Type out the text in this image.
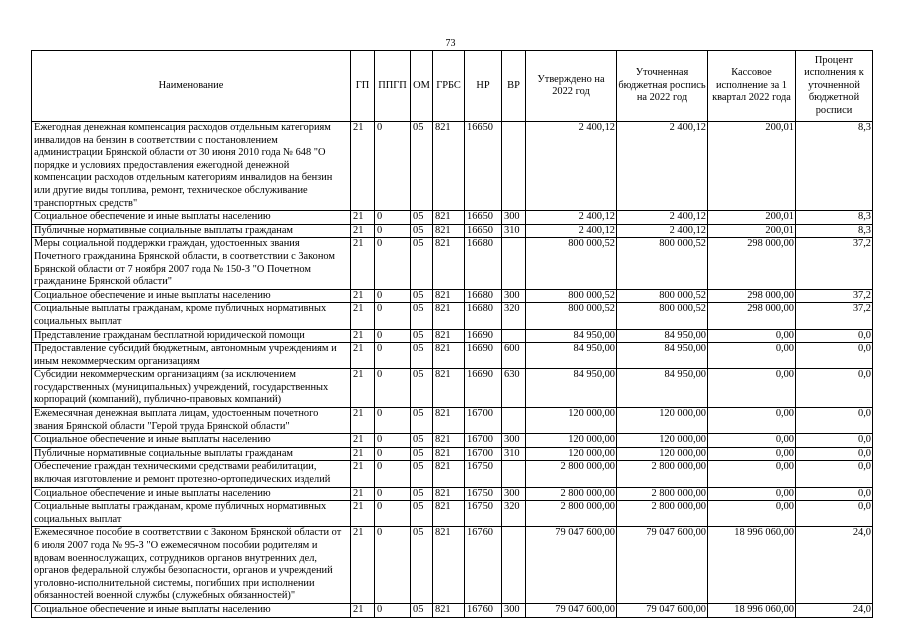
73
Наименование	ГП	ППГП	ОМ	ГРБС	НР	ВР	Утверждено на 2022 год	Уточненная бюджетная роспись на 2022 год	Кассовое исполнение за 1 квартал 2022 года	Процент исполнения к уточненной бюджетной росписи
Ежегодная денежная компенсация расходов отдельным категориям инвалидов на бензин в соответствии с постановлением администрации Брянской области от 30 июня 2010 года № 648 "О порядке и условиях предоставления ежегодной денежной компенсации расходов отдельным категориям инвалидов на бензин или другие виды топлива, ремонт, техническое обслуживание транспортных средств"	21	0	05	821	16650		2 400,12	2 400,12	200,01	8,3
Социальное обеспечение и иные выплаты населению	21	0	05	821	16650	300	2 400,12	2 400,12	200,01	8,3
Публичные нормативные социальные выплаты гражданам	21	0	05	821	16650	310	2 400,12	2 400,12	200,01	8,3
Меры социальной поддержки граждан, удостоенных звания Почетного гражданина Брянской области, в соответствии с Законом Брянской области от 7 ноября 2007 года № 150-З "О Почетном гражданине Брянской области"	21	0	05	821	16680		800 000,52	800 000,52	298 000,00	37,2
Социальное обеспечение и иные выплаты населению	21	0	05	821	16680	300	800 000,52	800 000,52	298 000,00	37,2
Социальные выплаты гражданам, кроме публичных нормативных социальных выплат	21	0	05	821	16680	320	800 000,52	800 000,52	298 000,00	37,2
Представление гражданам бесплатной юридической помощи	21	0	05	821	16690		84 950,00	84 950,00	0,00	0,0
Предоставление субсидий бюджетным, автономным учреждениям и иным некоммерческим организациям	21	0	05	821	16690	600	84 950,00	84 950,00	0,00	0,0
Субсидии некоммерческим организациям (за исключением государственных (муниципальных) учреждений, государственных корпораций (компаний), публично-правовых компаний)	21	0	05	821	16690	630	84 950,00	84 950,00	0,00	0,0
Ежемесячная денежная выплата лицам, удостоенным почетного звания Брянской области "Герой труда Брянской области"	21	0	05	821	16700		120 000,00	120 000,00	0,00	0,0
Социальное обеспечение и иные выплаты населению	21	0	05	821	16700	300	120 000,00	120 000,00	0,00	0,0
Публичные нормативные социальные выплаты гражданам	21	0	05	821	16700	310	120 000,00	120 000,00	0,00	0,0
Обеспечение граждан техническими средствами реабилитации, включая изготовление и ремонт протезно-ортопедических изделий	21	0	05	821	16750		2 800 000,00	2 800 000,00	0,00	0,0
Социальное обеспечение и иные выплаты населению	21	0	05	821	16750	300	2 800 000,00	2 800 000,00	0,00	0,0
Социальные выплаты гражданам, кроме публичных нормативных социальных выплат	21	0	05	821	16750	320	2 800 000,00	2 800 000,00	0,00	0,0
Ежемесячное пособие в соответствии с Законом Брянской области от 6 июля 2007 года № 95-З "О ежемесячном пособии родителям и вдовам военнослужащих, сотрудников органов внутренних дел, органов федеральной службы безопасности, органов и учреждений уголовно-исполнительной системы, погибших при исполнении обязанностей военной службы (служебных обязанностей)"	21	0	05	821	16760		79 047 600,00	79 047 600,00	18 996 060,00	24,0
Социальное обеспечение и иные выплаты населению	21	0	05	821	16760	300	79 047 600,00	79 047 600,00	18 996 060,00	24,0
